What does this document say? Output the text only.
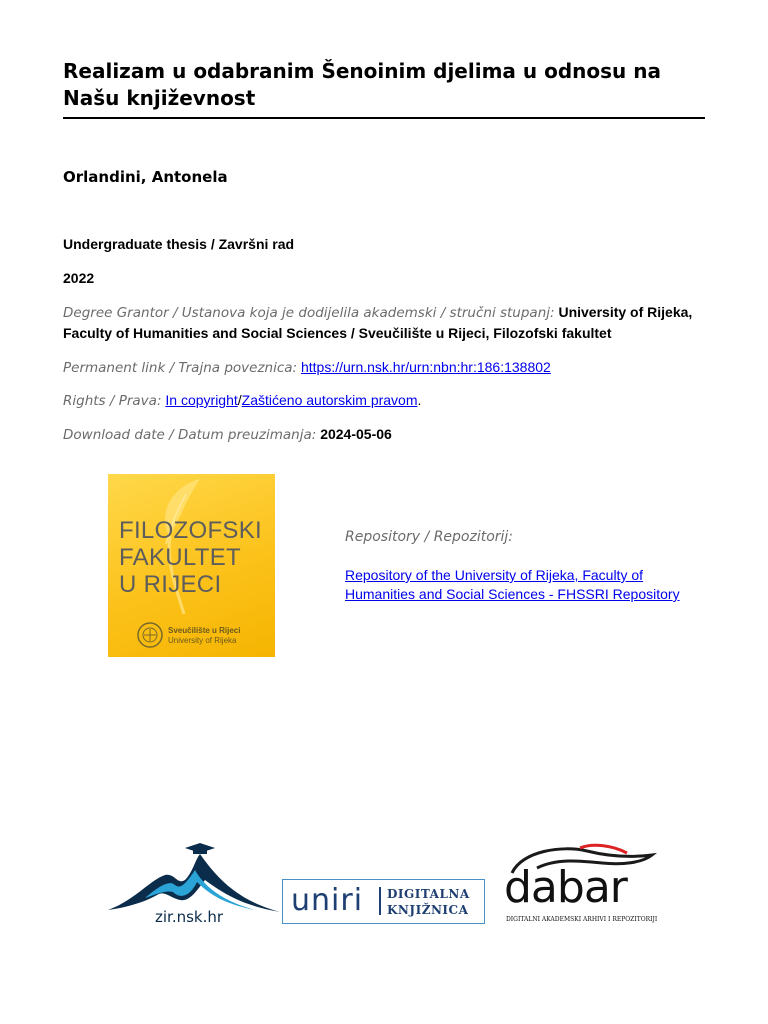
Realizam u odabranim Šenoinim djelima u odnosu na Našu književnost
Orlandini, Antonela
Undergraduate thesis / Završni rad
2022
Degree Grantor / Ustanova koja je dodijelila akademski / stručni stupanj: University of Rijeka, Faculty of Humanities and Social Sciences / Sveučilište u Rijeci, Filozofski fakultet
Permanent link / Trajna poveznica: https://urn.nsk.hr/urn:nbn:hr:186:138802
Rights / Prava: In copyright/Zaštićeno autorskim pravom.
Download date / Datum preuzimanja: 2024-05-06
FILOZOFSKI
FAKULTET
U RIJECI
Sveučilište u Rijeci
University of Rijeka
Repository / Repozitorij:
Repository of the University of Rijeka, Faculty of
Humanities and Social Sciences - FHSSRI Repository
zir.nsk.hr uniri DIGITALNA
KNJIŽNICA dabar
DIGITALNI AKADEMSKI ARHIVI I REPOZITORIJI
